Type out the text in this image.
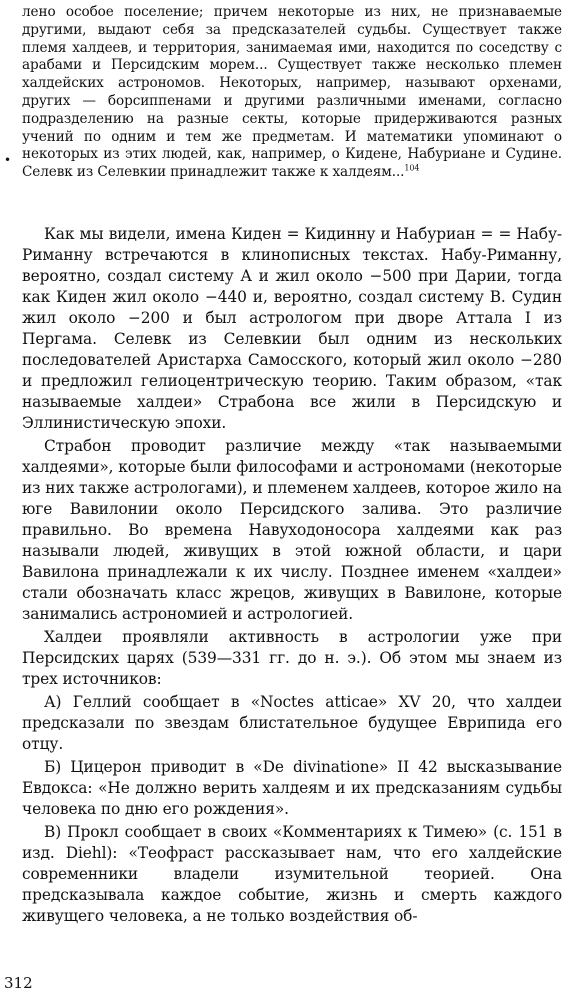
•

лено особое поселение; причем некоторые из них, не признаваемые другими, выдают себя за предсказателей судьбы. Существует также племя халдеев, и территория, занимаемая ими, находится по соседству с арабами и Персидским морем... Существует также несколько племен халдейских астрономов. Некоторых, например, называют орхенами, других — борсиппенами и другими различными именами, согласно подразделению на разные секты, которые придерживаются разных учений по одним и тем же предметам. И математики упоминают о некоторых из этих людей, как, например, о Кидене, Набуриане и Судине. Селевк из Селевкии принадлежит также к халдеям...$^{104}$

Как мы видели, имена Киден = Кидинну и Набуриан = = Набу-Риманну встречаются в клинописных текстах. Набу-Риманну, вероятно, создал систему А и жил около −500 при Дарии, тогда как Киден жил около −440 и, вероятно, создал систему В. Судин жил около −200 и был астрологом при дворе Аттала I из Пергама. Селевк из Селевкии был одним из нескольких последователей Аристарха Самосского, который жил около −280 и предложил гелиоцентрическую теорию. Таким образом, «так называемые халдеи» Страбона все жили в Персидскую и Эллинистическую эпохи.

Страбон проводит различие между «так называемыми халдеями», которые были философами и астрономами (некоторые из них также астрологами), и племенем халдеев, которое жило на юге Вавилонии около Персидского залива. Это различие правильно. Во времена Навуходоносора халдеями как раз называли людей, живущих в этой южной области, и цари Вавилона принадлежали к их числу. Позднее именем «халдеи» стали обозначать класс жрецов, живущих в Вавилоне, которые занимались астрономией и астрологией.

Халдеи проявляли активность в астрологии уже при Персидских царях (539—331 гг. до н. э.). Об этом мы знаем из трех источников:

А) Геллий сообщает в «Noctes atticae» XV 20, что халдеи предсказали по звездам блистательное будущее Еврипида его отцу.

Б) Цицерон приводит в «De divinatione» II 42 высказывание Евдокса: «Не должно верить халдеям и их предсказаниям судьбы человека по дню его рождения».

В) Прокл сообщает в своих «Комментариях к Тимею» (с. 151 в изд. Diehl): «Теофраст рассказывает нам, что его халдейские современники владели изумительной теорией. Она предсказывала каждое событие, жизнь и смерть каждого живущего человека, а не только воздействия об-

312
